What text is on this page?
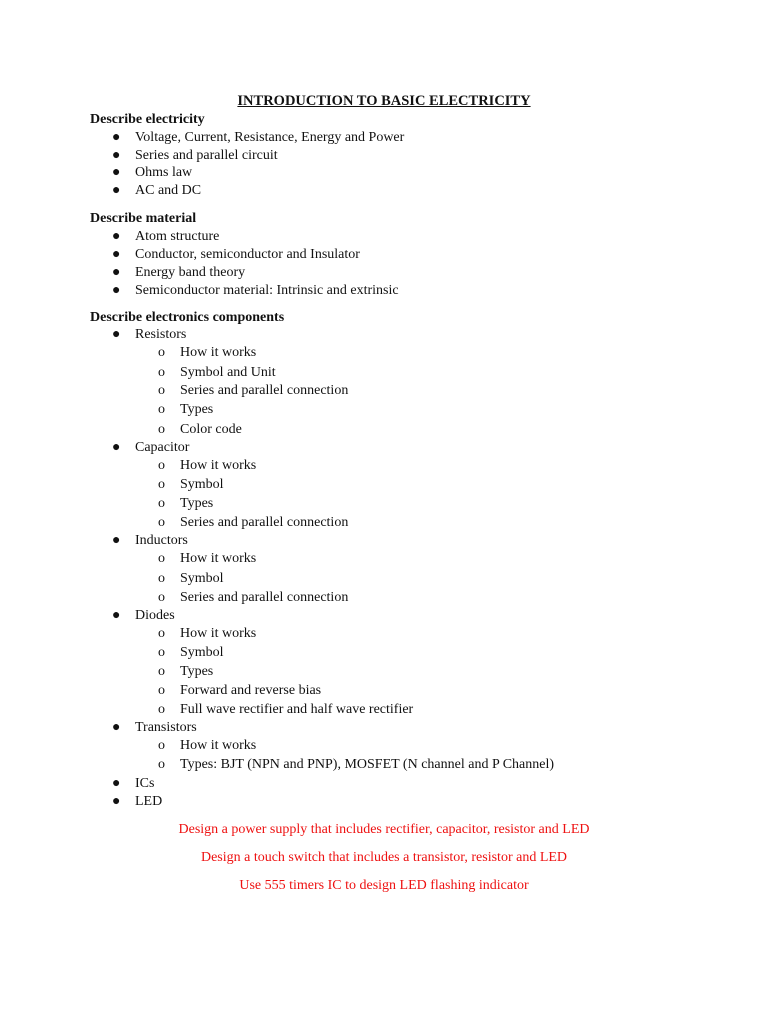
INTRODUCTION TO BASIC ELECTRICITY
Describe electricity
●	Voltage, Current, Resistance, Energy and Power
●	Series and parallel circuit
●	Ohms law
●	AC and DC
Describe material
●	Atom structure
●	Conductor, semiconductor and Insulator
●	Energy band theory
●	Semiconductor material: Intrinsic and extrinsic
Describe electronics components
●	Resistors
o How it works
o Symbol and Unit
o Series and parallel connection
o Types
o Color code
●	Capacitor
o How it works
o Symbol
o Types
o Series and parallel connection
●	Inductors
o How it works
o Symbol
o Series and parallel connection
●	Diodes
o How it works
o Symbol
o Types
o Forward and reverse bias
o Full wave rectifier and half wave rectifier
●	Transistors
o How it works
o Types: BJT (NPN and PNP), MOSFET (N channel and P Channel)
●	ICs
●	LED
Design a power supply that includes rectifier, capacitor, resistor and LED
Design a touch switch that includes a transistor, resistor and LED
Use 555 timers IC to design LED flashing indicator
